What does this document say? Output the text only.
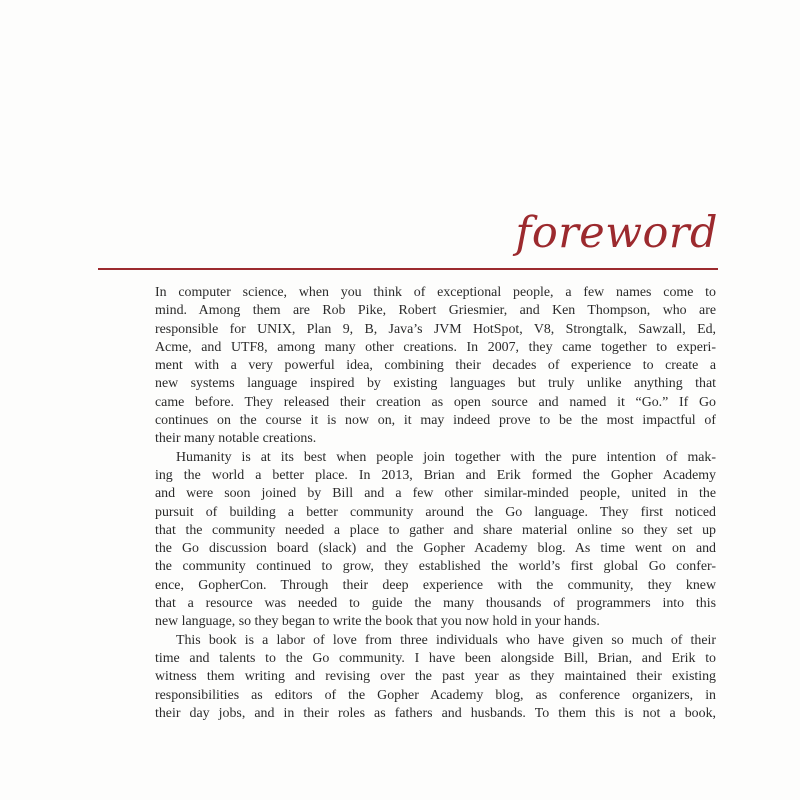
foreword
In computer science, when you think of exceptional people, a few names come to
mind. Among them are Rob Pike, Robert Griesmier, and Ken Thompson, who are
responsible for UNIX, Plan 9, B, Java’s JVM HotSpot, V8, Strongtalk, Sawzall, Ed,
Acme, and UTF8, among many other creations. In 2007, they came together to experi-
ment with a very powerful idea, combining their decades of experience to create a
new systems language inspired by existing languages but truly unlike anything that
came before. They released their creation as open source and named it “Go.” If Go
continues on the course it is now on, it may indeed prove to be the most impactful of
their many notable creations.
Humanity is at its best when people join together with the pure intention of mak-
ing the world a better place. In 2013, Brian and Erik formed the Gopher Academy
and were soon joined by Bill and a few other similar-minded people, united in the
pursuit of building a better community around the Go language. They first noticed
that the community needed a place to gather and share material online so they set up
the Go discussion board (slack) and the Gopher Academy blog. As time went on and
the community continued to grow, they established the world’s first global Go confer-
ence, GopherCon. Through their deep experience with the community, they knew
that a resource was needed to guide the many thousands of programmers into this
new language, so they began to write the book that you now hold in your hands.
This book is a labor of love from three individuals who have given so much of their
time and talents to the Go community. I have been alongside Bill, Brian, and Erik to
witness them writing and revising over the past year as they maintained their existing
responsibilities as editors of the Gopher Academy blog, as conference organizers, in
their day jobs, and in their roles as fathers and husbands. To them this is not a book,
